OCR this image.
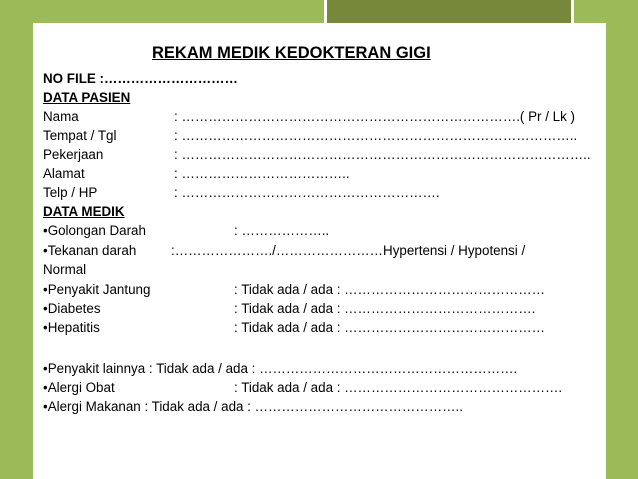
REKAM MEDIK KEDOKTERAN GIGI
NO FILE :…………………………
DATA PASIEN
Nama	: ………………………………………………………………….( Pr / Lk )
Tempat / Tgl	: ……………………………………………………………………………..
Pekerjaan	: ………………………………………………………………………………..
Alamat	: ………………………………..
Telp / HP	: ………………………………………………….
DATA MEDIK
•Golongan Darah	: ………………..
•Tekanan darah	:…………………./……………………Hypertensi / Hypotensi /
Normal
•Penyakit Jantung	: Tidak ada / ada : ………………………………………
•Diabetes	: Tidak ada / ada : …………………………………….
•Hepatitis	: Tidak ada / ada : ………………………………………
•Penyakit lainnya : Tidak ada / ada : ………………………………………………….
•Alergi Obat	: Tidak ada / ada : ………………………………………….
•Alergi Makanan : Tidak ada / ada : ………………………………………..
